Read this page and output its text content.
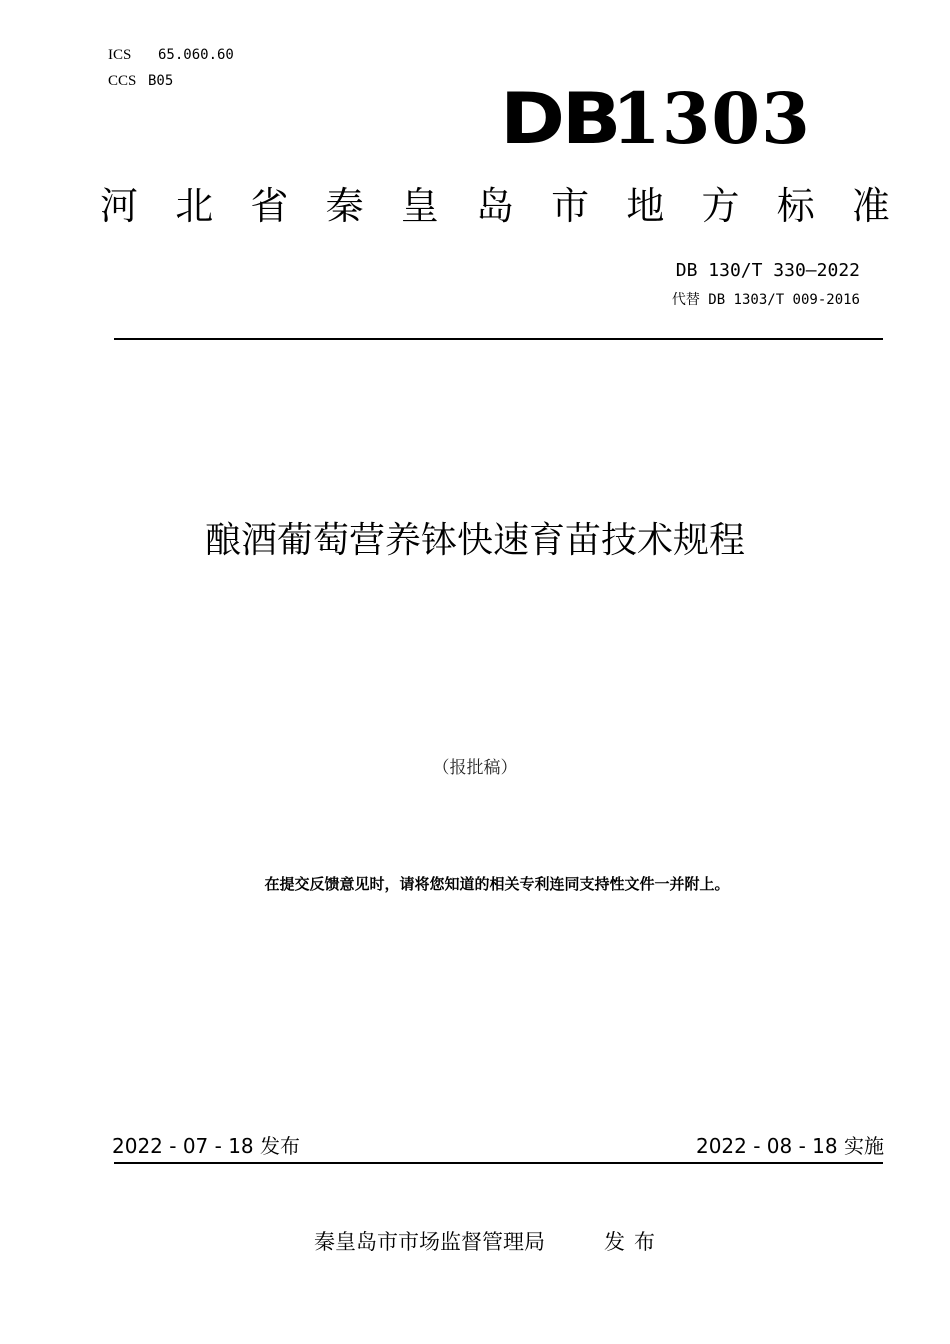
ICS 65.060.60
CCS B05	DB
1303
河 北 省 秦 皇 岛 市 地 方 标 准
DB 130/T 330—2022
代替 DB 1303/T 009-2016
酿酒葡萄营养钵快速育苗技术规程
（报批稿）
在提交反馈意见时，请将您知道的相关专利连同支持性文件一并附上。
2022 - 07 - 18 发布	2022 - 08 - 18 实施
秦皇岛市市场监督管理局	发布
